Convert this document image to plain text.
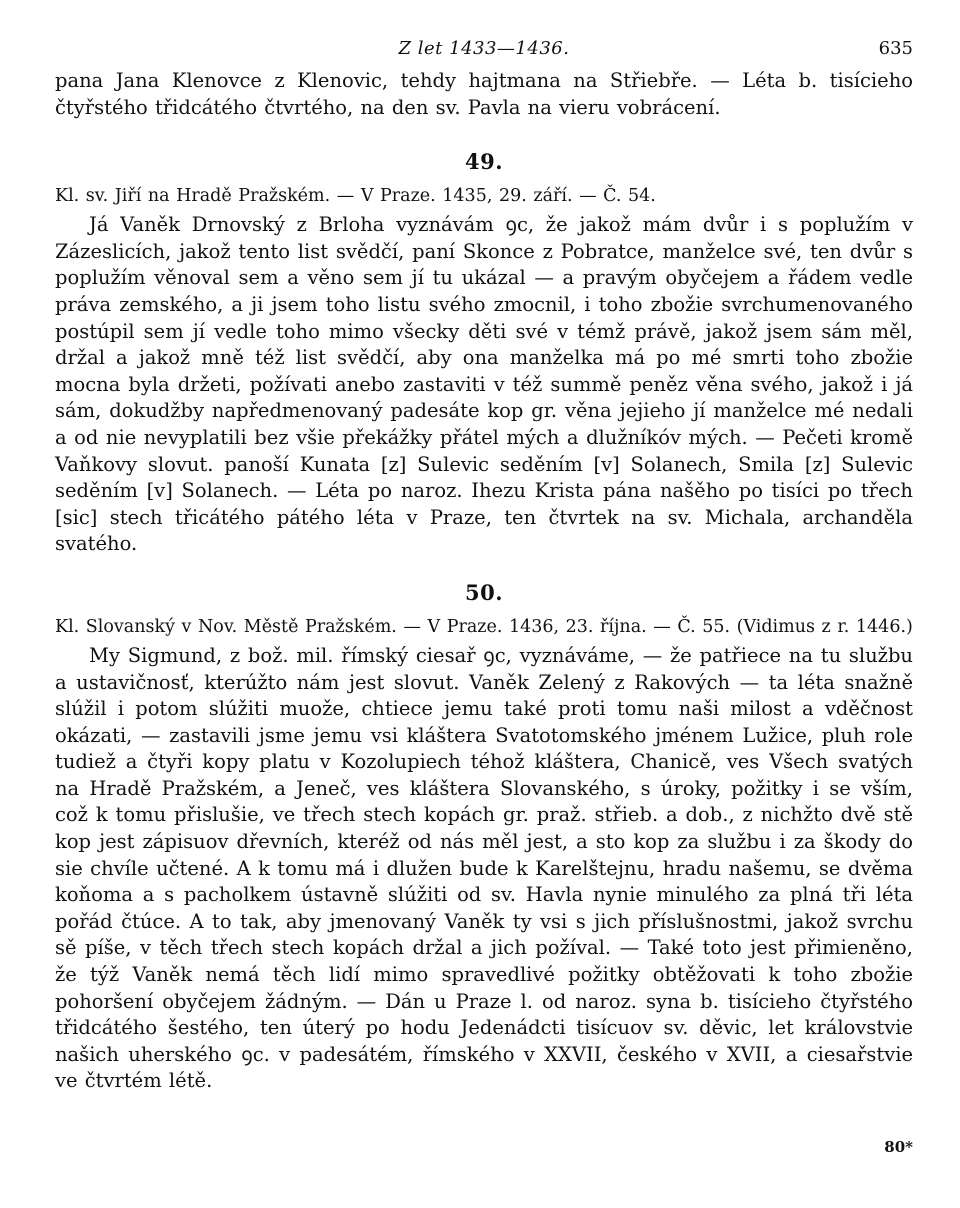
Z let 1433—1436.	635

pana Jana Klenovce z Klenovic, tehdy hajtmana na Střiebře. — Léta b. tisícieho čtyřstého třidcátého čtvrtého, na den sv. Pavla na vieru vobrácení.

49.

Kl. sv. Jiří na Hradě Pražském. — V Praze. 1435, 29. září. — Č. 54.

Já Vaněk Drnovský z Brloha vyznávám ꝯc, že jakož mám dvůr i s poplužím v Zázeslicích, jakož tento list svědčí, paní Skonce z Pobratce, manželce své, ten dvůr s poplužím věnoval sem a věno sem jí tu ukázal — a pravým obyčejem a řádem vedle práva zemského, a ji jsem toho listu svého zmocnil, i toho zbožie svrchumenovaného postúpil sem jí vedle toho mimo všecky děti své v témž právě, jakož jsem sám měl, držal a jakož mně též list svědčí, aby ona manželka má po mé smrti toho zbožie mocna byla držeti, požívati anebo zastaviti v též summě peněz věna svého, jakož i já sám, dokudžby napředmenovaný padesáte kop gr. věna jejieho jí manželce mé nedali a od nie nevyplatili bez všie překážky přátel mých a dlužníkóv mých. — Pečeti kromě Vaňkovy slovut. panoší Kunata [z] Sulevic seděním [v] Solanech, Smila [z] Sulevic seděním [v] Solanech. — Léta po naroz. Ihezu Krista pána našěho po tisíci po třech [sic] stech třicátého pátého léta v Praze, ten čtvrtek na sv. Michala, archanděla svatého.

50.

Kl. Slovanský v Nov. Městě Pražském. — V Praze. 1436, 23. října. — Č. 55. (Vidimus z r. 1446.)

My Sigmund, z bož. mil. římský ciesař ꝯc, vyznáváme, — že patřiece na tu službu a ustavičnosť, kterúžto nám jest slovut. Vaněk Zelený z Rakových — ta léta snažně slúžil i potom slúžiti muože, chtiece jemu také proti tomu naši milost a vděčnost okázati, — zastavili jsme jemu vsi kláštera Svatotomského jménem Lužice, pluh role tudiež a čtyři kopy platu v Kozolupiech téhož kláštera, Chanicě, ves Všech svatých na Hradě Pražském, a Jeneč, ves kláštera Slovanského, s úroky, požitky i se vším, což k tomu přislušie, ve třech stech kopách gr. praž. střieb. a dob., z nichžto dvě stě kop jest zápisuov dřevních, kteréž od nás měl jest, a sto kop za službu i za škody do sie chvíle učtené. A k tomu má i dlužen bude k Karelštejnu, hradu našemu, se dvěma koňoma a s pacholkem ústavně slúžiti od sv. Havla nynie minulého za plná tři léta pořád čtúce. A to tak, aby jmenovaný Vaněk ty vsi s jich příslušnostmi, jakož svrchu sě píše, v těch třech stech kopách držal a jich požíval. — Také toto jest přimieněno, že týž Vaněk nemá těch lidí mimo spravedlivé požitky obtěžovati k toho zbožie pohoršení obyčejem žádným. — Dán u Praze l. od naroz. syna b. tisícieho čtyřstého třidcátého šestého, ten úterý po hodu Jedenádcti tisícuov sv. děvic, let královstvie našich uherského ꝯc. v padesátém, římského v XXVII, českého v XVII, a ciesařstvie ve čtvrtém létě.

80*
